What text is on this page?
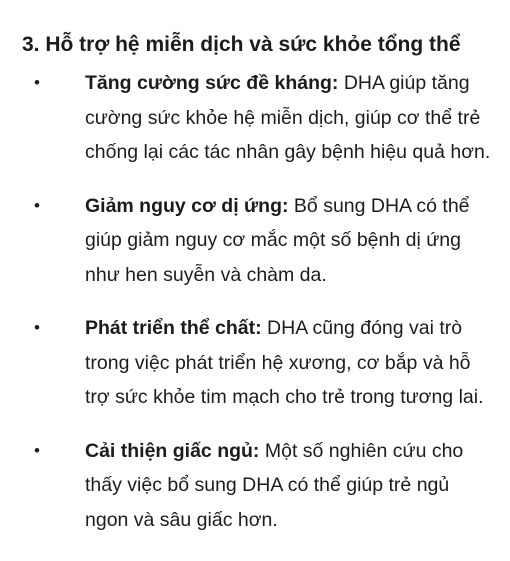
3. Hỗ trợ hệ miễn dịch và sức khỏe tổng thể
• Tăng cường sức đề kháng: DHA giúp tăng cường sức khỏe hệ miễn dịch, giúp cơ thể trẻ chống lại các tác nhân gây bệnh hiệu quả hơn.
• Giảm nguy cơ dị ứng: Bổ sung DHA có thể giúp giảm nguy cơ mắc một số bệnh dị ứng như hen suyễn và chàm da.
• Phát triển thể chất: DHA cũng đóng vai trò trong việc phát triển hệ xương, cơ bắp và hỗ trợ sức khỏe tim mạch cho trẻ trong tương lai.
• Cải thiện giấc ngủ: Một số nghiên cứu cho thấy việc bổ sung DHA có thể giúp trẻ ngủ ngon và sâu giấc hơn.
